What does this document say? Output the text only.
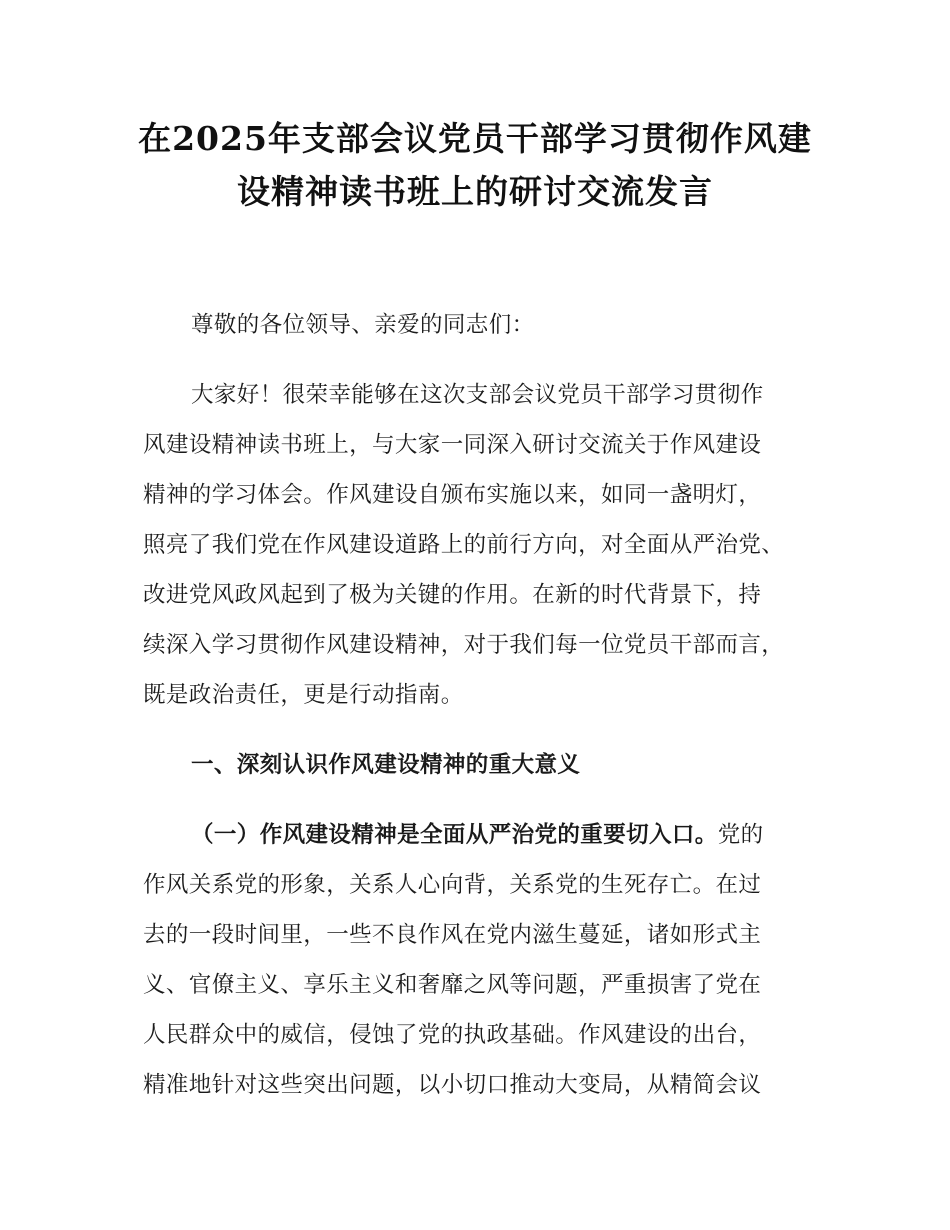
在2025年支部会议党员干部学习贯彻作风建
设精神读书班上的研讨交流发言
尊敬的各位领导、亲爱的同志们：
大家好！很荣幸能够在这次支部会议党员干部学习贯彻作
风建设精神读书班上，与大家一同深入研讨交流关于作风建设
精神的学习体会。作风建设自颁布实施以来，如同一盏明灯，
照亮了我们党在作风建设道路上的前行方向，对全面从严治党、
改进党风政风起到了极为关键的作用。在新的时代背景下，持
续深入学习贯彻作风建设精神，对于我们每一位党员干部而言，
既是政治责任，更是行动指南。
一、深刻认识作风建设精神的重大意义
（一）作风建设精神是全面从严治党的重要切入口。党的
作风关系党的形象，关系人心向背，关系党的生死存亡。在过
去的一段时间里，一些不良作风在党内滋生蔓延，诸如形式主
义、官僚主义、享乐主义和奢靡之风等问题，严重损害了党在
人民群众中的威信，侵蚀了党的执政基础。作风建设的出台，
精准地针对这些突出问题，以小切口推动大变局，从精简会议
